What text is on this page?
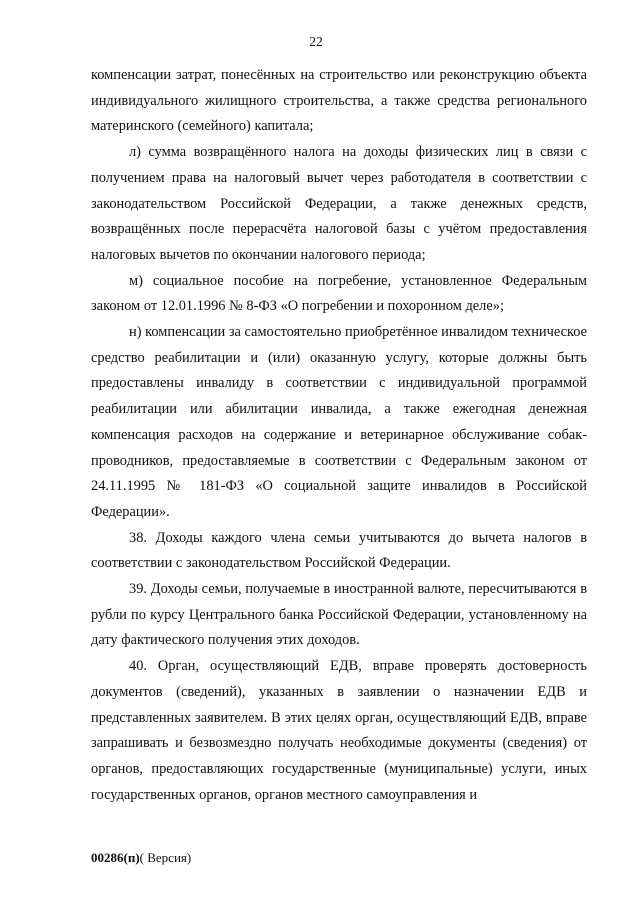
22

компенсации затрат, понесённых на строительство или реконструкцию объекта индивидуального жилищного строительства, а также средства регионального материнского (семейного) капитала;

л) сумма возвращённого налога на доходы физических лиц в связи с получением права на налоговый вычет через работодателя в соответствии с законодательством Российской Федерации, а также денежных средств, возвращённых после перерасчёта налоговой базы с учётом предоставления налоговых вычетов по окончании налогового периода;

м) социальное пособие на погребение, установленное Федеральным законом от 12.01.1996 № 8-ФЗ «О погребении и похоронном деле»;

н) компенсации за самостоятельно приобретённое инвалидом техническое средство реабилитации и (или) оказанную услугу, которые должны быть предоставлены инвалиду в соответствии с индивидуальной программой реабилитации или абилитации инвалида, а также ежегодная денежная компенсация расходов на содержание и ветеринарное обслуживание собак-проводников, предоставляемые в соответствии с Федеральным законом от 24.11.1995 № 181-ФЗ «О социальной защите инвалидов в Российской Федерации».

38. Доходы каждого члена семьи учитываются до вычета налогов в соответствии с законодательством Российской Федерации.

39. Доходы семьи, получаемые в иностранной валюте, пересчитываются в рубли по курсу Центрального банка Российской Федерации, установленному на дату фактического получения этих доходов.

40. Орган, осуществляющий ЕДВ, вправе проверять достоверность документов (сведений), указанных в заявлении о назначении ЕДВ и представленных заявителем. В этих целях орган, осуществляющий ЕДВ, вправе запрашивать и безвозмездно получать необходимые документы (сведения) от органов, предоставляющих государственные (муниципальные) услуги, иных государственных органов, органов местного самоуправления и

00286(п)( Версия)
